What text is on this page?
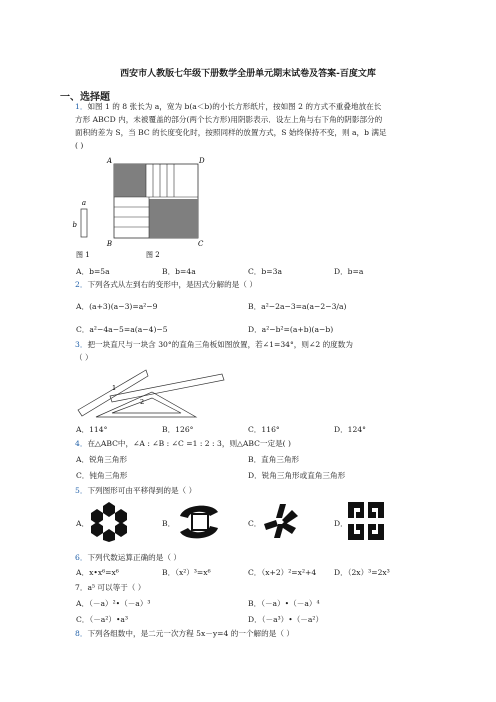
西安市人教版七年级下册数学全册单元期末试卷及答案-百度文库
一、选择题
1．如图 1 的 8 张长为 a，宽为 b(a＜b)的小长方形纸片，按如图 2 的方式不重叠地放在长
方形 ABCD 内，未被覆盖的部分(两个长方形)用阴影表示．设左上角与右下角的阴影部分的
面积的差为 S，当 BC 的长度变化时，按照同样的放置方式，S 始终保持不变，则 a，b 满足
( )
a
b
A	D
B	C
图 1	图 2
A．b=5a	B．b=4a	C．b=3a	D．b=a
2．下列各式从左到右的变形中，是因式分解的是（ ）
A．(a+3)(a−3)=a²−9	B．a²−2a−3=a(a−2−3/a)
C．a²−4a−5=a(a−4)−5	D．a²−b²=(a+b)(a−b)
3．把一块直尺与一块含 30°的直角三角板如图放置，若∠1=34°，则∠2 的度数为
（ ）
1
2
A．114°	B．126°	C．116°	D．124°
4．在△ABC中，∠A : ∠B : ∠C =1 : 2 : 3，则△ABC一定是( )
A．锐角三角形	B．直角三角形
C．钝角三角形	D．锐角三角形或直角三角形
5．下列图形可由平移得到的是（ ）
A．	B．	C．	D．
6．下列代数运算正确的是（ ）
A．x•x⁶=x⁶	B．（x²）³=x⁶	C．（x+2）²=x²+4 D．（2x）³=2x³
7．a⁵ 可以等于（ ）
A．（－a）²•（－a）³	B．（－a）•（－a）⁴
C．（－a²）•a³	D．（－a³）•（－a²）
8．下列各组数中，是二元一次方程 5x－y=4 的一个解的是（ ）
